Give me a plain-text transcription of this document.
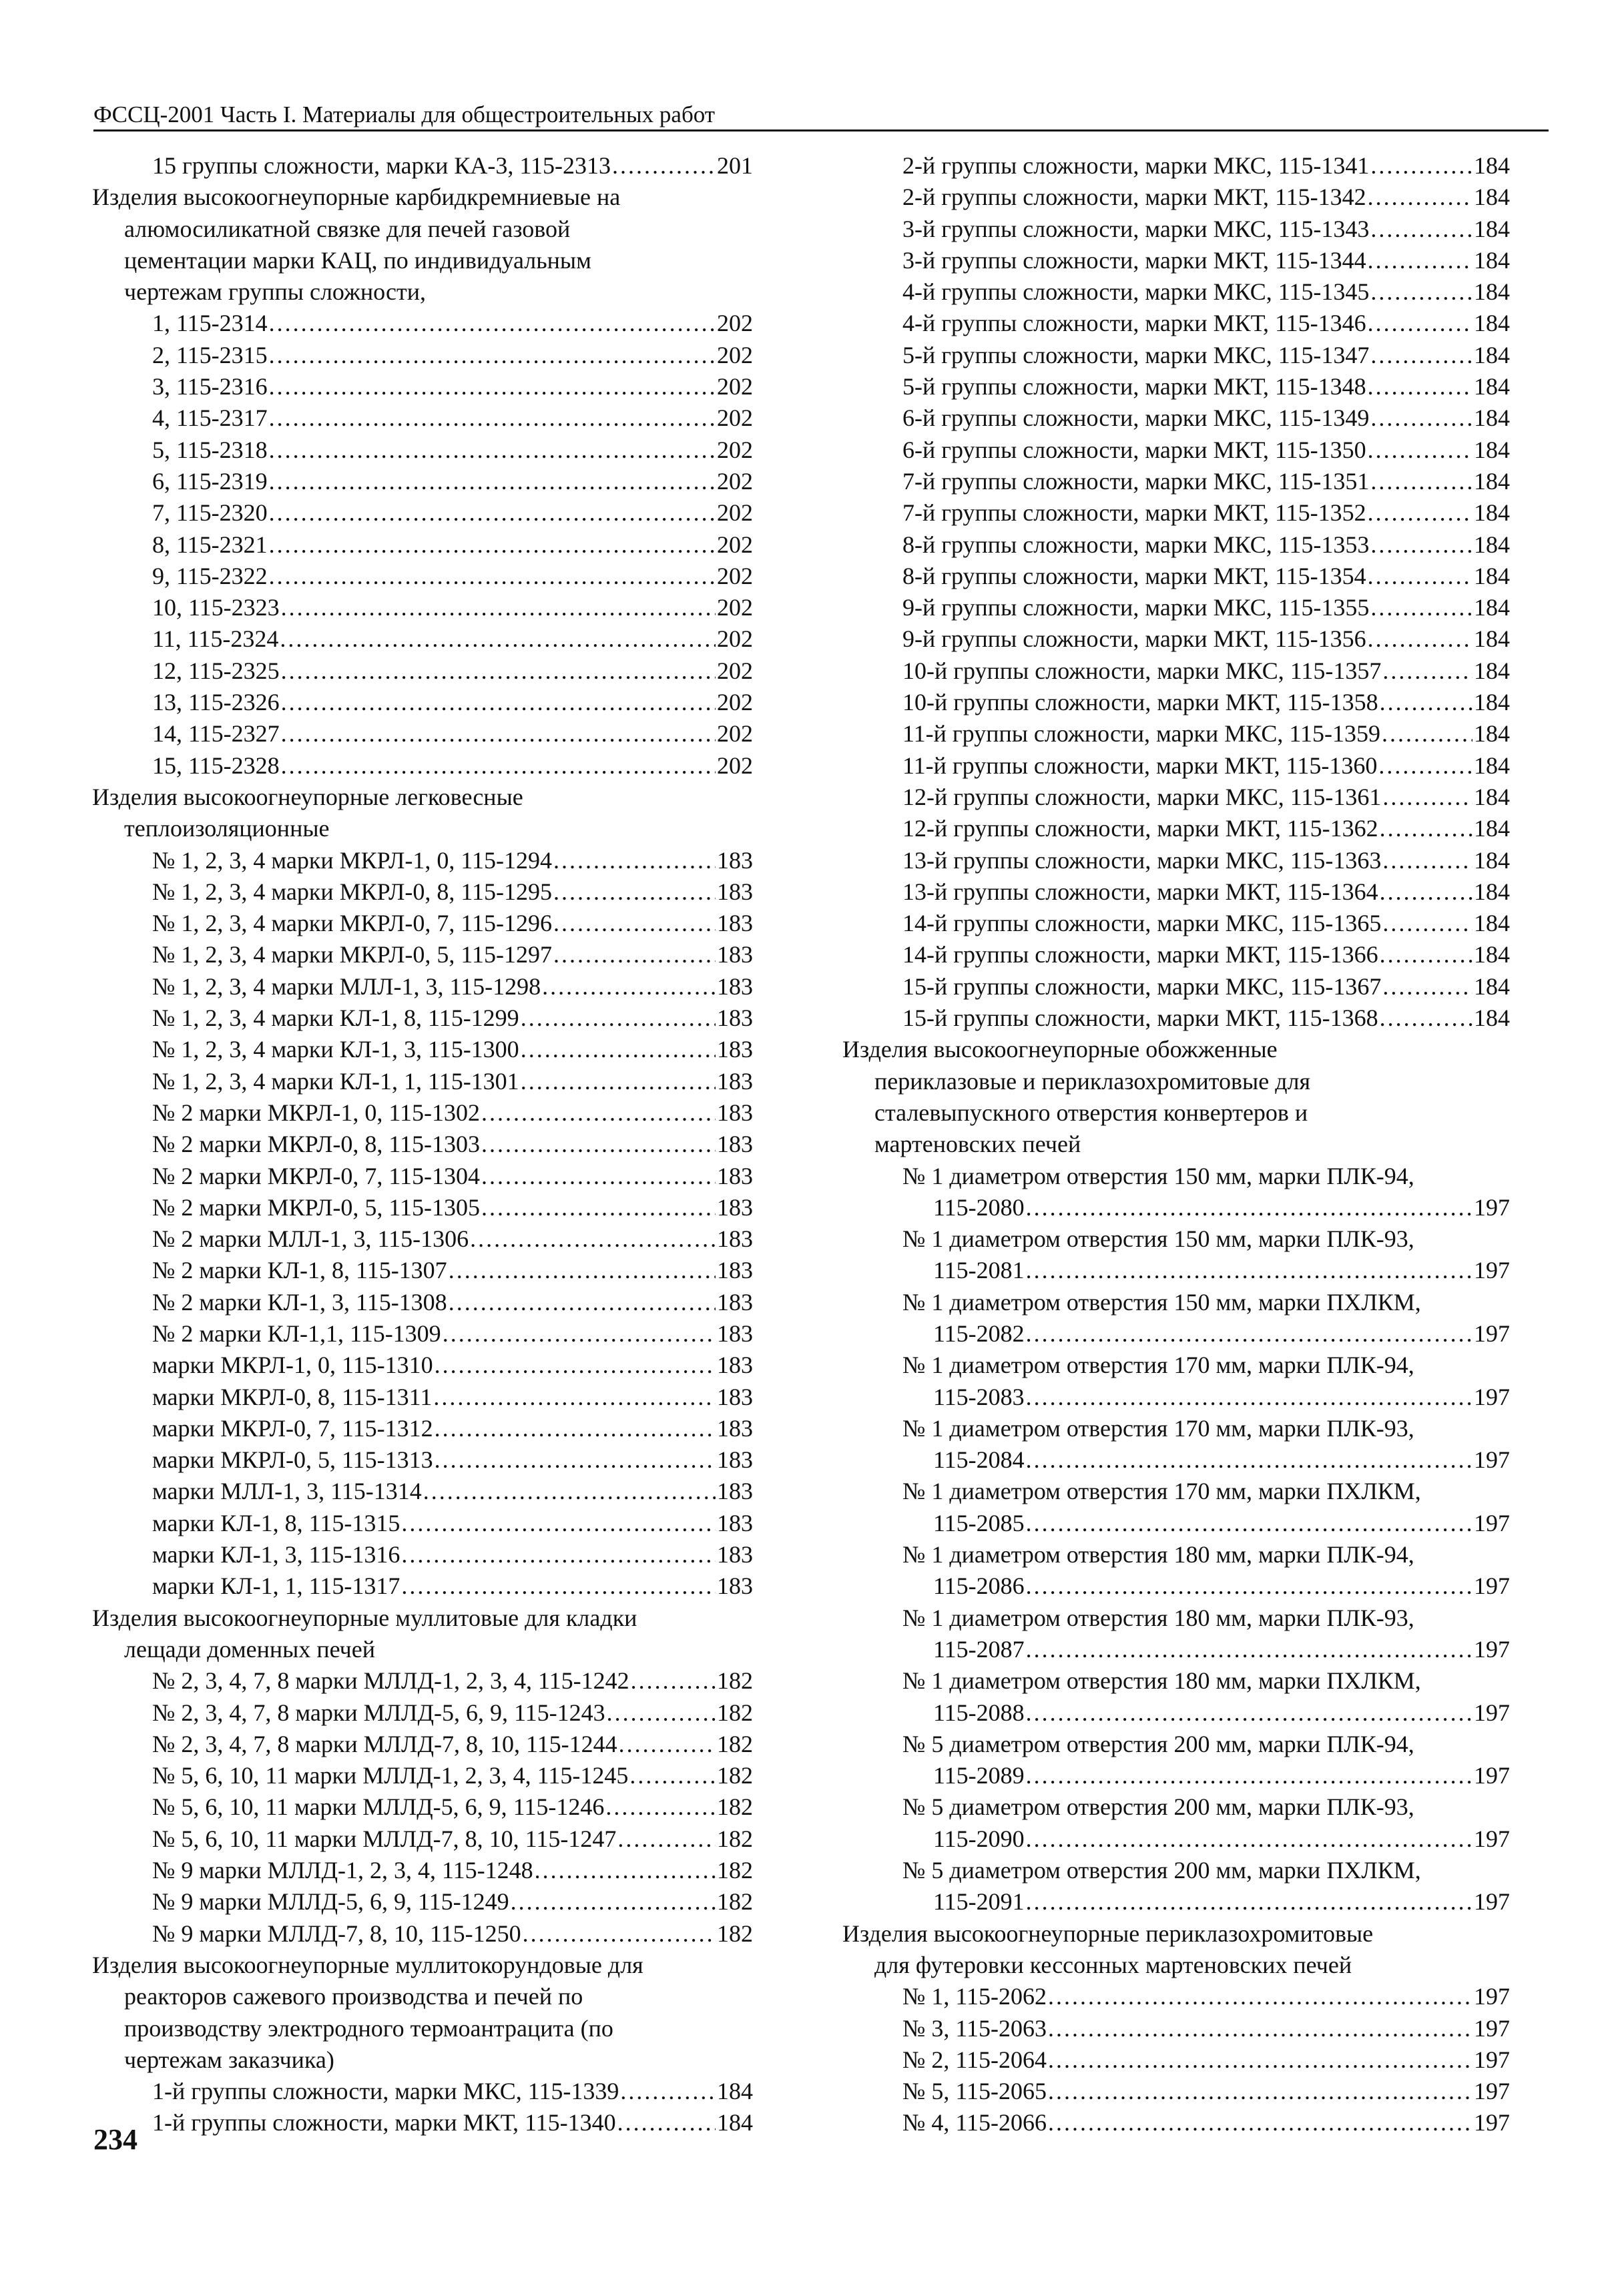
ФССЦ-2001 Часть I. Материалы для общестроительных работ
15 группы сложности, марки КА-3, 115-2313 . . .	201
Изделия высокоогнеупорные карбидкремниевые на
алюмосиликатной связке для печей газовой
цементации марки КАЦ, по индивидуальным
чертежам группы сложности,
1, 115-2314 . . .	202
2, 115-2315 . . .	202
3, 115-2316 . . .	202
4, 115-2317 . . .	202
5, 115-2318 . . .	202
6, 115-2319 . . .	202
7, 115-2320 . . .	202
8, 115-2321 . . .	202
9, 115-2322 . . .	202
10, 115-2323 . . .	202
11, 115-2324 . . .	202
12, 115-2325 . . .	202
13, 115-2326 . . .	202
14, 115-2327 . . .	202
15, 115-2328 . . .	202
Изделия высокоогнеупорные легковесные
теплоизоляционные
№ 1, 2, 3, 4 марки МКРЛ-1, 0, 115-1294 . . .	183
№ 1, 2, 3, 4 марки МКРЛ-0, 8, 115-1295 . . .	183
№ 1, 2, 3, 4 марки МКРЛ-0, 7, 115-1296 . . .	183
№ 1, 2, 3, 4 марки МКРЛ-0, 5, 115-1297 . . .	183
№ 1, 2, 3, 4 марки МЛЛ-1, 3, 115-1298 . . .	183
№ 1, 2, 3, 4 марки КЛ-1, 8, 115-1299 . . .	183
№ 1, 2, 3, 4 марки КЛ-1, 3, 115-1300 . . .	183
№ 1, 2, 3, 4 марки КЛ-1, 1, 115-1301 . . .	183
№ 2 марки МКРЛ-1, 0, 115-1302 . . .	183
№ 2 марки МКРЛ-0, 8, 115-1303 . . .	183
№ 2 марки МКРЛ-0, 7, 115-1304 . . .	183
№ 2 марки МКРЛ-0, 5, 115-1305 . . .	183
№ 2 марки МЛЛ-1, 3, 115-1306 . . .	183
№ 2 марки КЛ-1, 8, 115-1307 . . .	183
№ 2 марки КЛ-1, 3, 115-1308 . . .	183
№ 2 марки КЛ-1,1, 115-1309 . . .	183
марки МКРЛ-1, 0, 115-1310 . . .	183
марки МКРЛ-0, 8, 115-1311 . . .	183
марки МКРЛ-0, 7, 115-1312 . . .	183
марки МКРЛ-0, 5, 115-1313 . . .	183
марки МЛЛ-1, 3, 115-1314 . . .	183
марки КЛ-1, 8, 115-1315 . . .	183
марки КЛ-1, 3, 115-1316 . . .	183
марки КЛ-1, 1, 115-1317 . . .	183
Изделия высокоогнеупорные муллитовые для кладки
лещади доменных печей
№ 2, 3, 4, 7, 8 марки МЛЛД-1, 2, 3, 4, 115-1242 . . .	182
№ 2, 3, 4, 7, 8 марки МЛЛД-5, 6, 9, 115-1243 . . .	182
№ 2, 3, 4, 7, 8 марки МЛЛД-7, 8, 10, 115-1244 . . .	182
№ 5, 6, 10, 11 марки МЛЛД-1, 2, 3, 4, 115-1245 . . .	182
№ 5, 6, 10, 11 марки МЛЛД-5, 6, 9, 115-1246 . . .	182
№ 5, 6, 10, 11 марки МЛЛД-7, 8, 10, 115-1247 . . .	182
№ 9 марки МЛЛД-1, 2, 3, 4, 115-1248 . . .	182
№ 9 марки МЛЛД-5, 6, 9, 115-1249 . . .	182
№ 9 марки МЛЛД-7, 8, 10, 115-1250 . . .	182
Изделия высокоогнеупорные муллитокорундовые для
реакторов сажевого производства и печей по
производству электродного термоантрацита (по
чертежам заказчика)
1-й группы сложности, марки МКС, 115-1339 . . .	184
1-й группы сложности, марки МКТ, 115-1340 . . .	184
2-й группы сложности, марки МКС, 115-1341 . . .	184
2-й группы сложности, марки МКТ, 115-1342 . . .	184
3-й группы сложности, марки МКС, 115-1343 . . .	184
3-й группы сложности, марки МКТ, 115-1344 . . .	184
4-й группы сложности, марки МКС, 115-1345 . . .	184
4-й группы сложности, марки МКТ, 115-1346 . . .	184
5-й группы сложности, марки МКС, 115-1347 . . .	184
5-й группы сложности, марки МКТ, 115-1348 . . .	184
6-й группы сложности, марки МКС, 115-1349 . . .	184
6-й группы сложности, марки МКТ, 115-1350 . . .	184
7-й группы сложности, марки МКС, 115-1351 . . .	184
7-й группы сложности, марки МКТ, 115-1352 . . .	184
8-й группы сложности, марки МКС, 115-1353 . . .	184
8-й группы сложности, марки МКТ, 115-1354 . . .	184
9-й группы сложности, марки МКС, 115-1355 . . .	184
9-й группы сложности, марки МКТ, 115-1356 . . .	184
10-й группы сложности, марки МКС, 115-1357 . . .	184
10-й группы сложности, марки МКТ, 115-1358 . . .	184
11-й группы сложности, марки МКС, 115-1359 . . .	184
11-й группы сложности, марки МКТ, 115-1360 . . .	184
12-й группы сложности, марки МКС, 115-1361 . . .	184
12-й группы сложности, марки МКТ, 115-1362 . . .	184
13-й группы сложности, марки МКС, 115-1363 . . .	184
13-й группы сложности, марки МКТ, 115-1364 . . .	184
14-й группы сложности, марки МКС, 115-1365 . . .	184
14-й группы сложности, марки МКТ, 115-1366 . . .	184
15-й группы сложности, марки МКС, 115-1367 . . .	184
15-й группы сложности, марки МКТ, 115-1368 . . .	184
Изделия высокоогнеупорные обожженные
периклазовые и периклазохромитовые для
сталевыпускного отверстия конвертеров и
мартеновских печей
№ 1 диаметром отверстия 150 мм, марки ПЛК-94,
115-2080 . . .	197
№ 1 диаметром отверстия 150 мм, марки ПЛК-93,
115-2081 . . .	197
№ 1 диаметром отверстия 150 мм, марки ПХЛКМ,
115-2082 . . .	197
№ 1 диаметром отверстия 170 мм, марки ПЛК-94,
115-2083 . . .	197
№ 1 диаметром отверстия 170 мм, марки ПЛК-93,
115-2084 . . .	197
№ 1 диаметром отверстия 170 мм, марки ПХЛКМ,
115-2085 . . .	197
№ 1 диаметром отверстия 180 мм, марки ПЛК-94,
115-2086 . . .	197
№ 1 диаметром отверстия 180 мм, марки ПЛК-93,
115-2087 . . .	197
№ 1 диаметром отверстия 180 мм, марки ПХЛКМ,
115-2088 . . .	197
№ 5 диаметром отверстия 200 мм, марки ПЛК-94,
115-2089 . . .	197
№ 5 диаметром отверстия 200 мм, марки ПЛК-93,
115-2090 . . .	197
№ 5 диаметром отверстия 200 мм, марки ПХЛКМ,
115-2091 . . .	197
Изделия высокоогнеупорные периклазохромитовые
для футеровки кессонных мартеновских печей
№ 1, 115-2062 . . .	197
№ 3, 115-2063 . . .	197
№ 2, 115-2064 . . .	197
№ 5, 115-2065 . . .	197
№ 4, 115-2066 . . .	197
234
